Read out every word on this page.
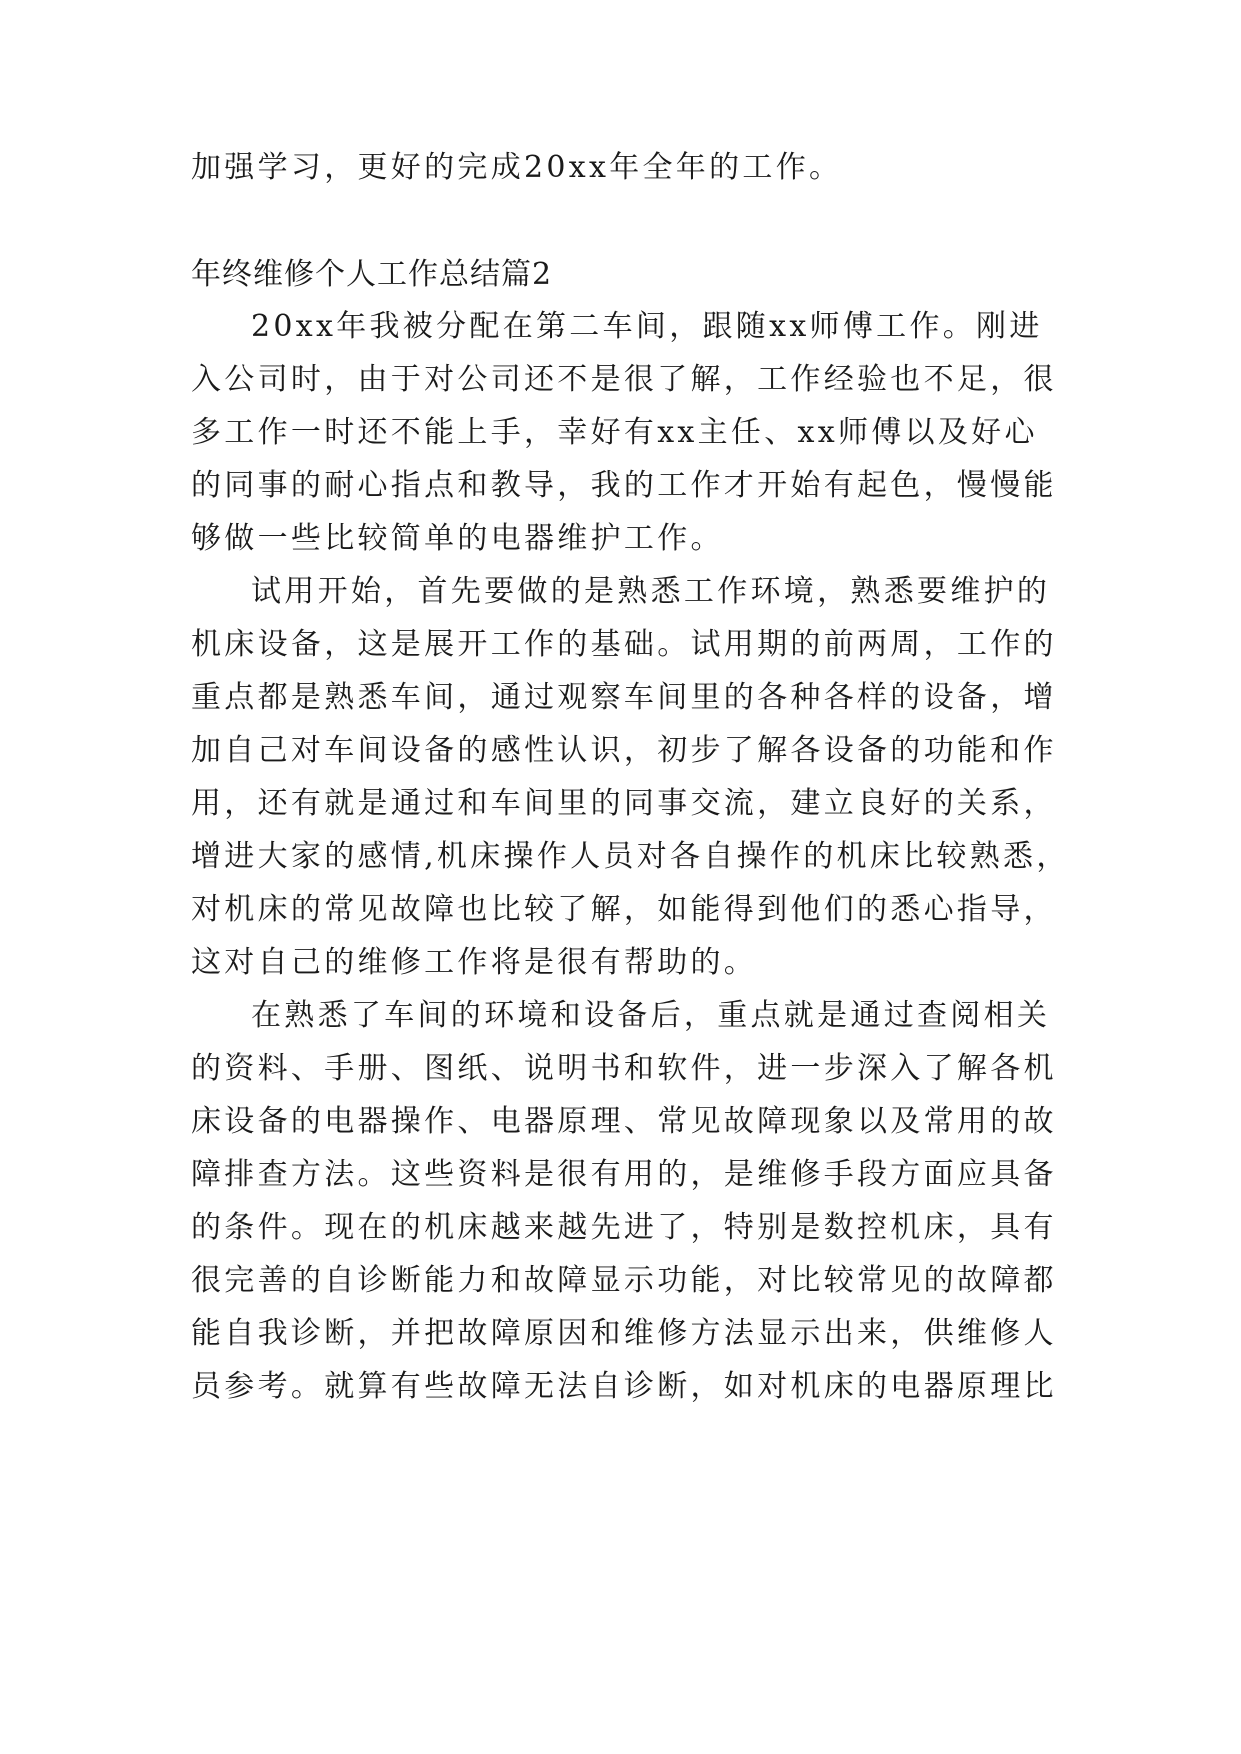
加强学习，更好的完成20xx年全年的工作。
年终维修个人工作总结篇2
20xx年我被分配在第二车间，跟随xx师傅工作。刚进
入公司时，由于对公司还不是很了解，工作经验也不足，很
多工作一时还不能上手，幸好有xx主任、xx师傅以及好心
的同事的耐心指点和教导，我的工作才开始有起色，慢慢能
够做一些比较简单的电器维护工作。
试用开始，首先要做的是熟悉工作环境，熟悉要维护的
机床设备，这是展开工作的基础。试用期的前两周，工作的
重点都是熟悉车间，通过观察车间里的各种各样的设备，增
加自己对车间设备的感性认识，初步了解各设备的功能和作
用，还有就是通过和车间里的同事交流，建立良好的关系，
增进大家的感情,机床操作人员对各自操作的机床比较熟悉，
对机床的常见故障也比较了解，如能得到他们的悉心指导，
这对自己的维修工作将是很有帮助的。
在熟悉了车间的环境和设备后，重点就是通过查阅相关
的资料、手册、图纸、说明书和软件，进一步深入了解各机
床设备的电器操作、电器原理、常见故障现象以及常用的故
障排查方法。这些资料是很有用的，是维修手段方面应具备
的条件。现在的机床越来越先进了，特别是数控机床，具有
很完善的自诊断能力和故障显示功能，对比较常见的故障都
能自我诊断，并把故障原因和维修方法显示出来，供维修人
员参考。就算有些故障无法自诊断，如对机床的电器原理比
